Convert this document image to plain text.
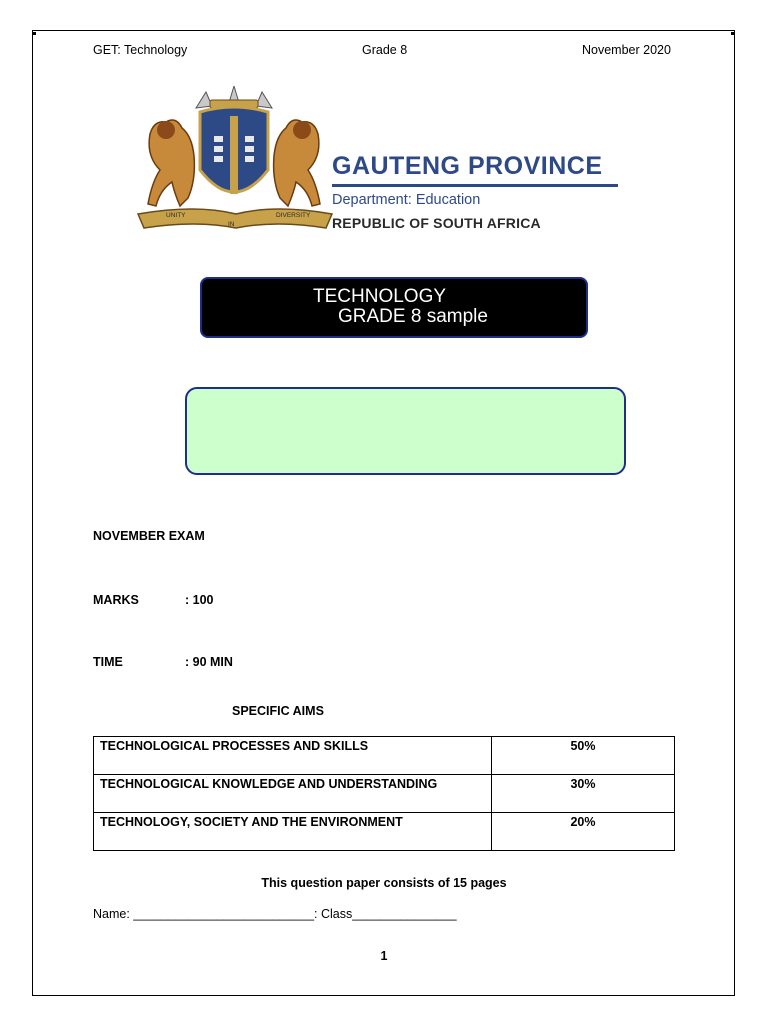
GET: Technology	Grade 8	November 2020
UNITY
IN
DIVERSITY
GAUTENG PROVINCE
Department: Education
REPUBLIC OF SOUTH AFRICA
TECHNOLOGY
GRADE 8 sample
NOVEMBER EXAM
MARKS	: 100
TIME	: 90 MIN
SPECIFIC AIMS
TECHNOLOGICAL PROCESSES AND SKILLS	50%
TECHNOLOGICAL KNOWLEDGE AND UNDERSTANDING	30%
TECHNOLOGY, SOCIETY AND THE ENVIRONMENT	20%
This question paper consists of 15 pages
Name: __________________________: Class_______________
1
